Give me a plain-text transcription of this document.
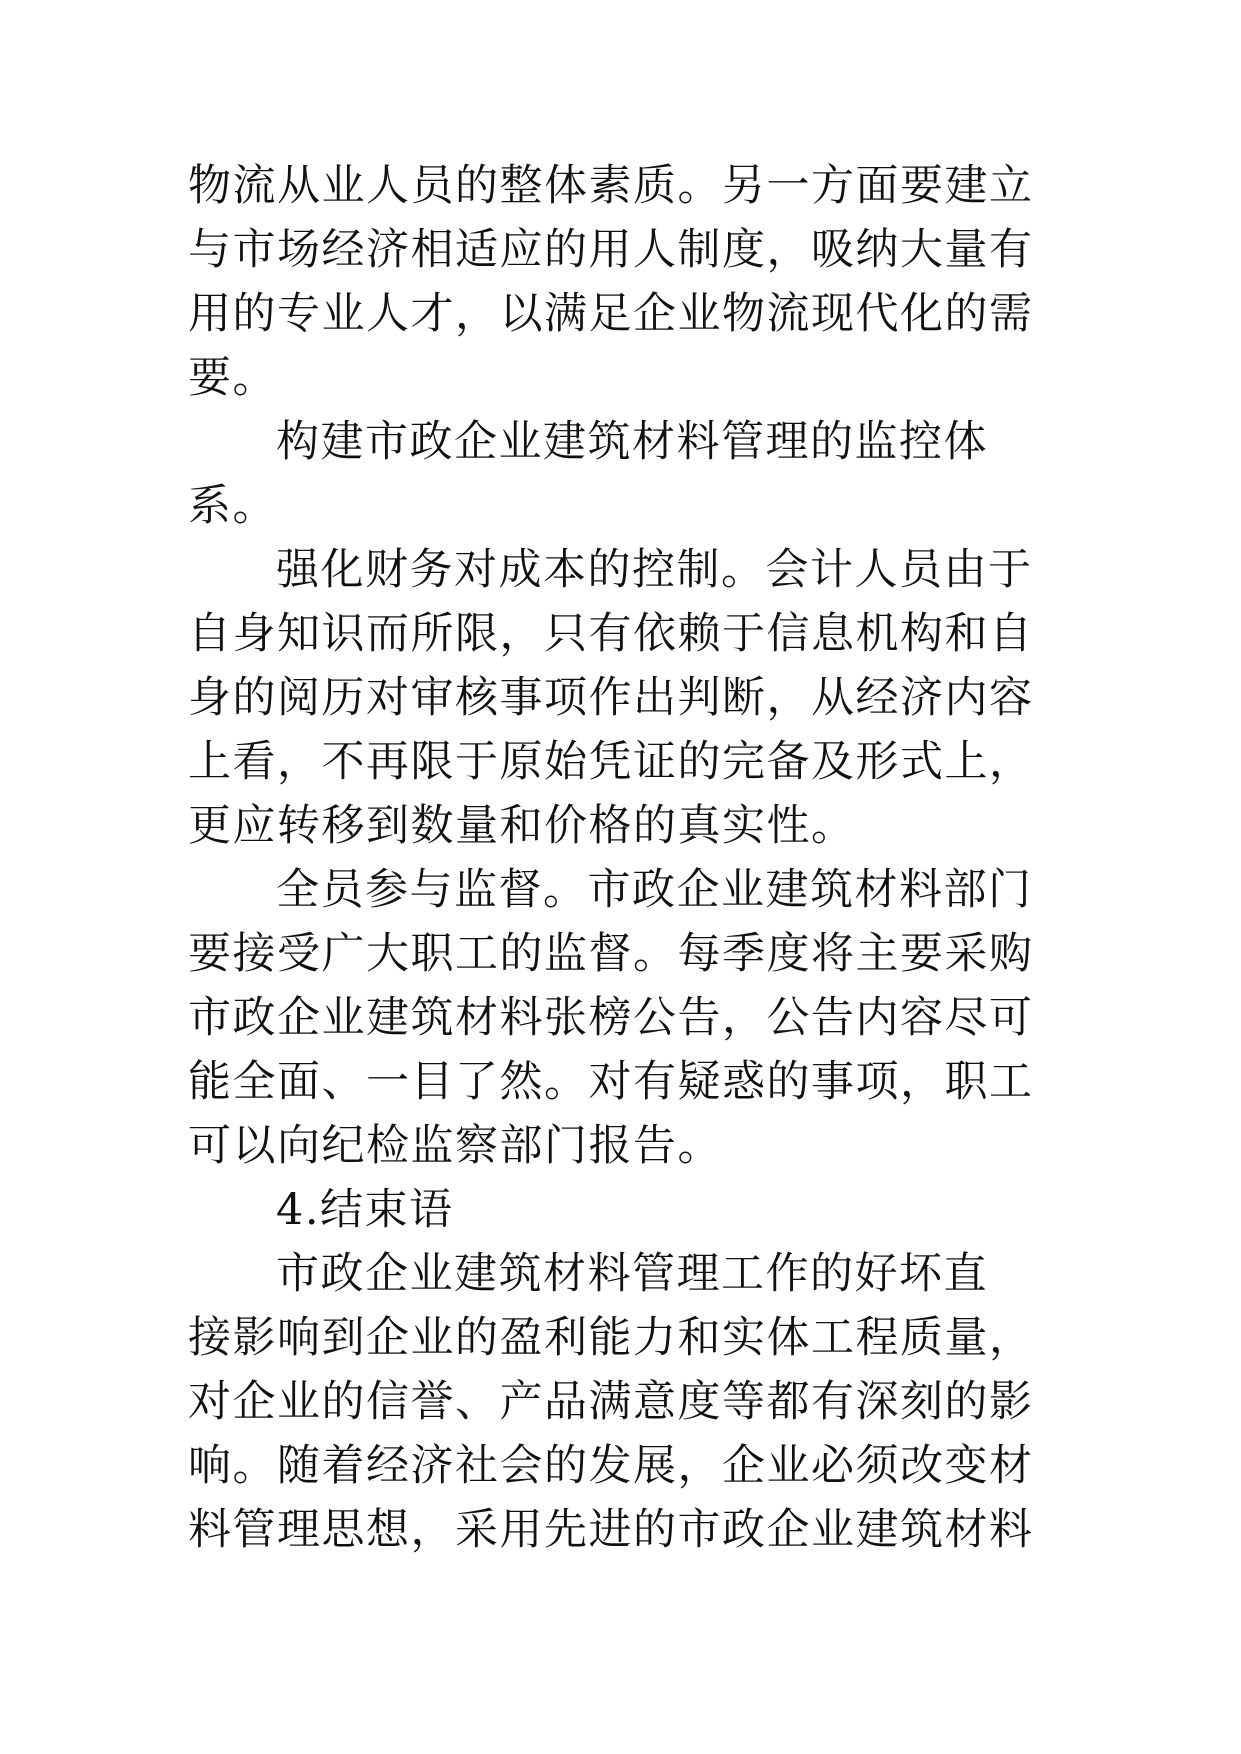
物流从业人员的整体素质。另一方面要建立
与市场经济相适应的用人制度，吸纳大量有
用的专业人才，以满足企业物流现代化的需
要。
构建市政企业建筑材料管理的监控体
系。
强化财务对成本的控制。会计人员由于
自身知识而所限，只有依赖于信息机构和自
身的阅历对审核事项作出判断，从经济内容
上看，不再限于原始凭证的完备及形式上，
更应转移到数量和价格的真实性。
全员参与监督。市政企业建筑材料部门
要接受广大职工的监督。每季度将主要采购
市政企业建筑材料张榜公告，公告内容尽可
能全面、一目了然。对有疑惑的事项，职工
可以向纪检监察部门报告。
4.结束语
市政企业建筑材料管理工作的好坏直
接影响到企业的盈利能力和实体工程质量，
对企业的信誉、产品满意度等都有深刻的影
响。随着经济社会的发展，企业必须改变材
料管理思想，采用先进的市政企业建筑材料
